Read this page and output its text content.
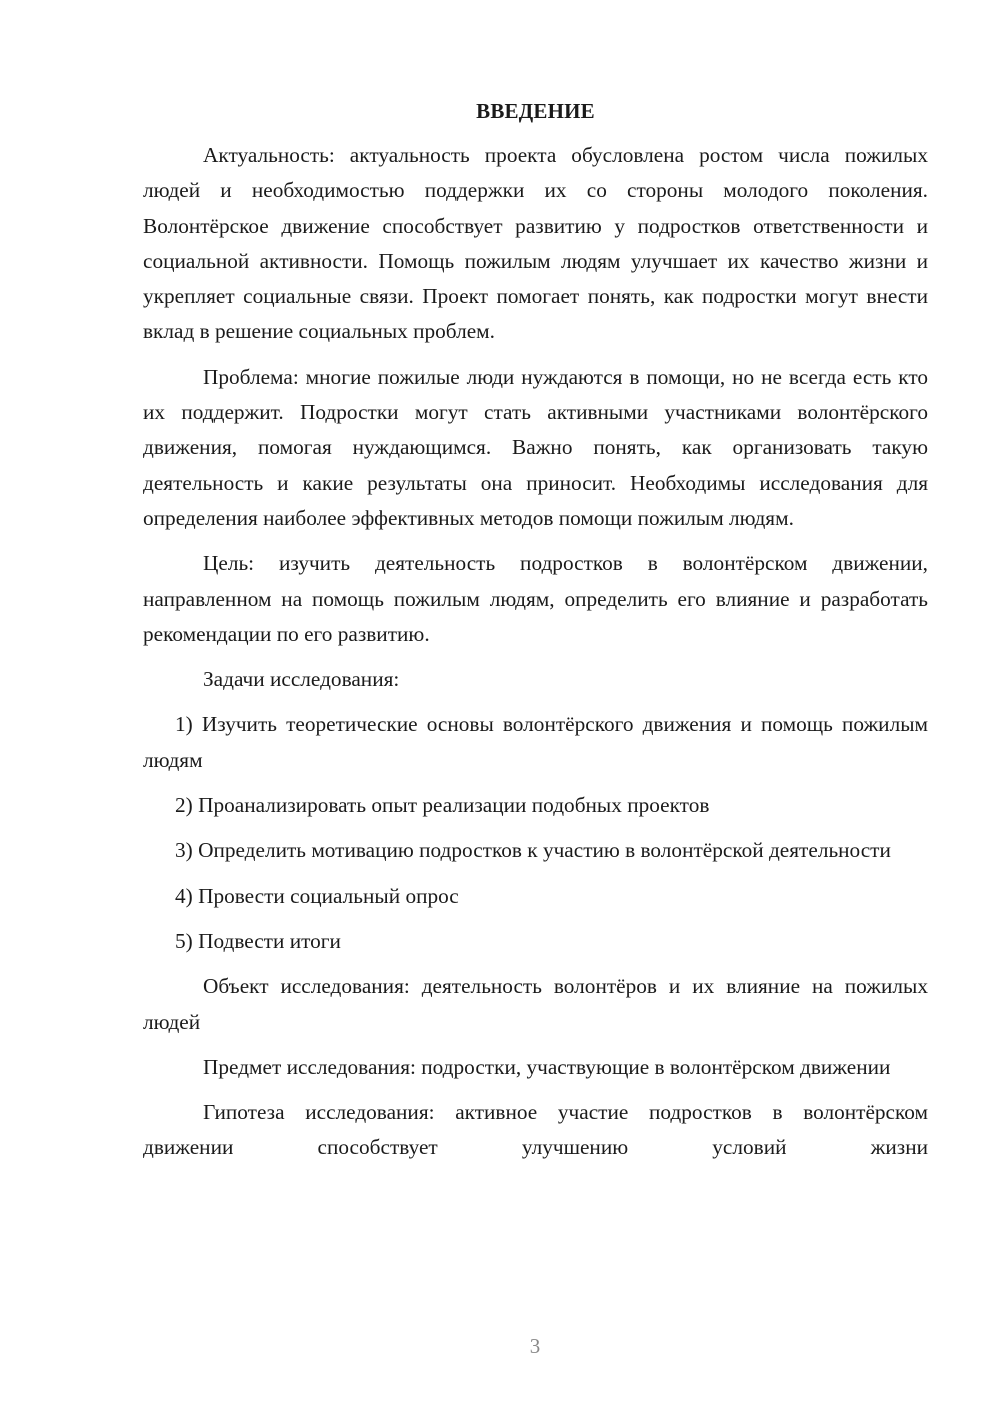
ВВЕДЕНИЕ

Актуальность: актуальность проекта обусловлена ростом числа пожилых людей и необходимостью поддержки их со стороны молодого поколения. Волонтёрское движение способствует развитию у подростков ответственности и социальной активности. Помощь пожилым людям улучшает их качество жизни и укрепляет социальные связи. Проект помогает понять, как подростки могут внести вклад в решение социальных проблем.

Проблема: многие пожилые люди нуждаются в помощи, но не всегда есть кто их поддержит. Подростки могут стать активными участниками волонтёрского движения, помогая нуждающимся. Важно понять, как организовать такую деятельность и какие результаты она приносит. Необходимы исследования для определения наиболее эффективных методов помощи пожилым людям.

Цель: изучить деятельность подростков в волонтёрском движении, направленном на помощь пожилым людям, определить его влияние и разработать рекомендации по его развитию.

Задачи исследования:

1) Изучить теоретические основы волонтёрского движения и помощь пожилым людям

2) Проанализировать опыт реализации подобных проектов

3) Определить мотивацию подростков к участию в волонтёрской деятельности

4) Провести социальный опрос

5) Подвести итоги

Объект исследования: деятельность волонтёров и их влияние на пожилых людей

Предмет исследования: подростки, участвующие в волонтёрском движении

Гипотеза исследования: активное участие подростков в волонтёрском движении способствует улучшению условий жизни

3
